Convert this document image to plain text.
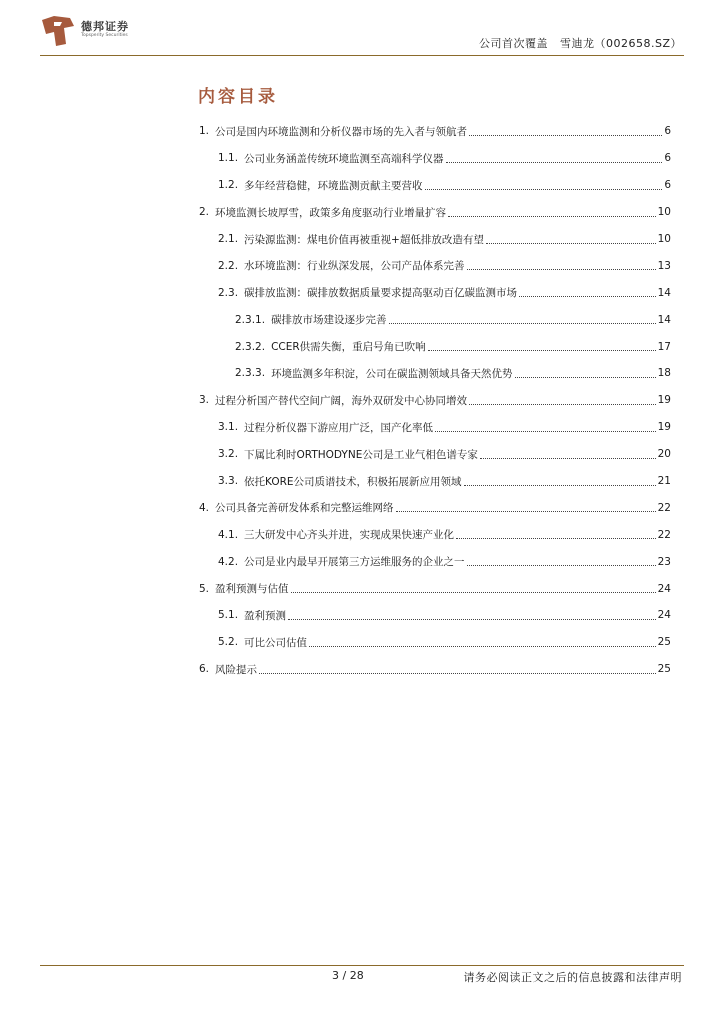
德邦证券
Topsperity Securities
公司首次覆盖 雪迪龙（002658.SZ）
内容目录
1. 公司是国内环境监测和分析仪器市场的先入者与领航者	6
1.1. 公司业务涵盖传统环境监测至高端科学仪器	6
1.2. 多年经营稳健，环境监测贡献主要营收	6
2. 环境监测长坡厚雪，政策多角度驱动行业增量扩容	10
2.1. 污染源监测：煤电价值再被重视+超低排放改造有望	10
2.2. 水环境监测：行业纵深发展，公司产品体系完善	13
2.3. 碳排放监测：碳排放数据质量要求提高驱动百亿碳监测市场	14
2.3.1. 碳排放市场建设逐步完善	14
2.3.2. CCER供需失衡，重启号角已吹响	17
2.3.3. 环境监测多年积淀，公司在碳监测领域具备天然优势	18
3. 过程分析国产替代空间广阔，海外双研发中心协同增效	19
3.1. 过程分析仪器下游应用广泛，国产化率低	19
3.2. 下属比利时ORTHODYNE公司是工业气相色谱专家	20
3.3. 依托KORE公司质谱技术，积极拓展新应用领域	21
4. 公司具备完善研发体系和完整运维网络	22
4.1. 三大研发中心齐头并进，实现成果快速产业化	22
4.2. 公司是业内最早开展第三方运维服务的企业之一	23
5. 盈利预测与估值	24
5.1. 盈利预测	24
5.2. 可比公司估值	25
6. 风险提示	25
3 / 28	请务必阅读正文之后的信息披露和法律声明
